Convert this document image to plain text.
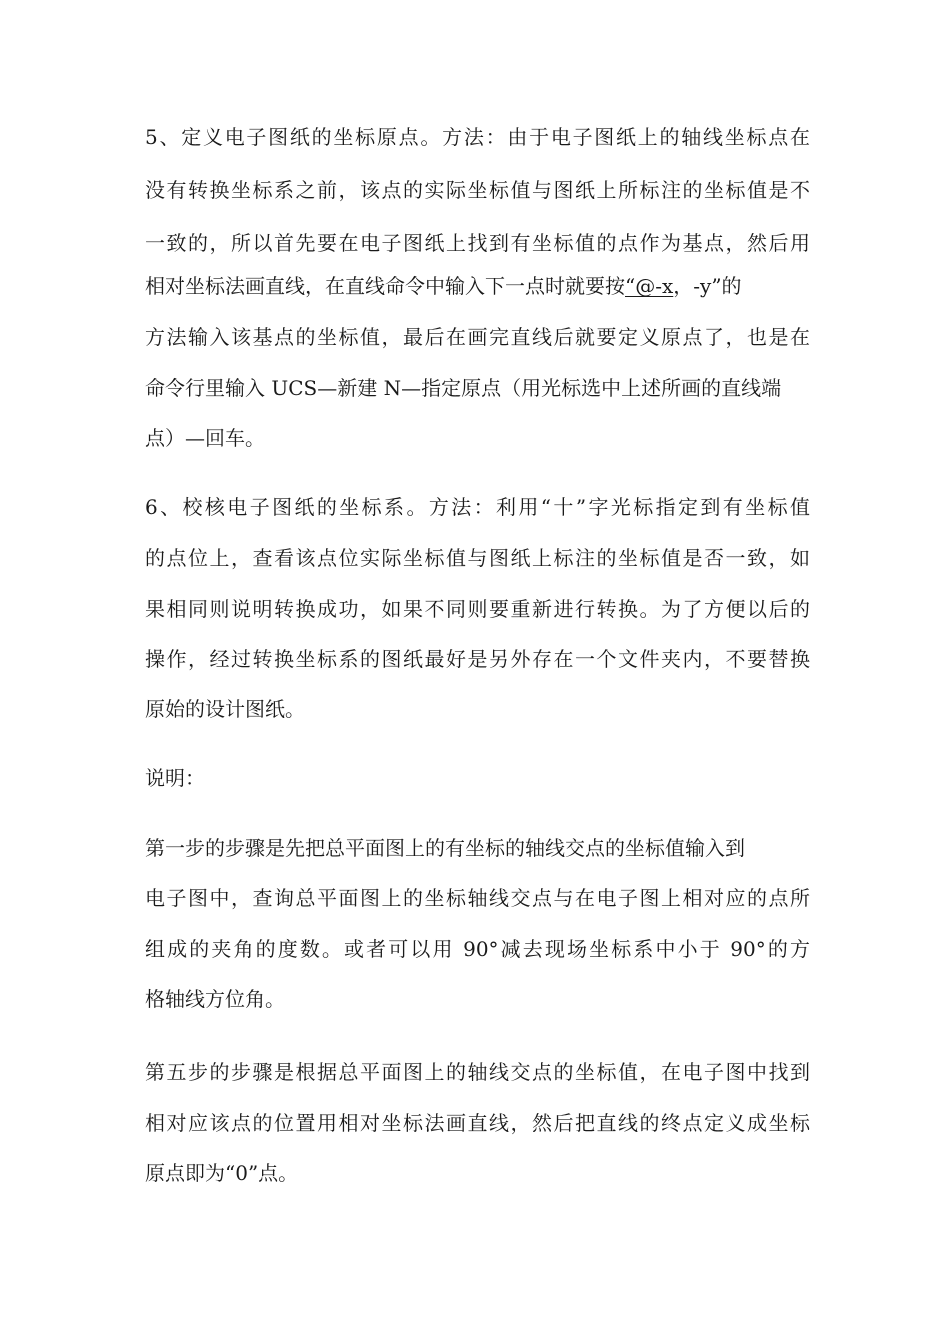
5、定义电子图纸的坐标原点。方法：由于电子图纸上的轴线坐标点在
没有转换坐标系之前，该点的实际坐标值与图纸上所标注的坐标值是不
一致的，所以首先要在电子图纸上找到有坐标值的点作为基点，然后用
相对坐标法画直线，在直线命令中输入下一点时就要按“@-x，-y”的
方法输入该基点的坐标值，最后在画完直线后就要定义原点了，也是在
命令行里输入 UCS—新建 N—指定原点（用光标选中上述所画的直线端
点）—回车。
6、校核电子图纸的坐标系。方法：利用“十”字光标指定到有坐标值
的点位上，查看该点位实际坐标值与图纸上标注的坐标值是否一致，如
果相同则说明转换成功，如果不同则要重新进行转换。为了方便以后的
操作，经过转换坐标系的图纸最好是另外存在一个文件夹内，不要替换
原始的设计图纸。
说明：
第一步的步骤是先把总平面图上的有坐标的轴线交点的坐标值输入到
电子图中，查询总平面图上的坐标轴线交点与在电子图上相对应的点所
组成的夹角的度数。或者可以用 90°减去现场坐标系中小于 90°的方
格轴线方位角。
第五步的步骤是根据总平面图上的轴线交点的坐标值，在电子图中找到
相对应该点的位置用相对坐标法画直线，然后把直线的终点定义成坐标
原点即为“0”点。
